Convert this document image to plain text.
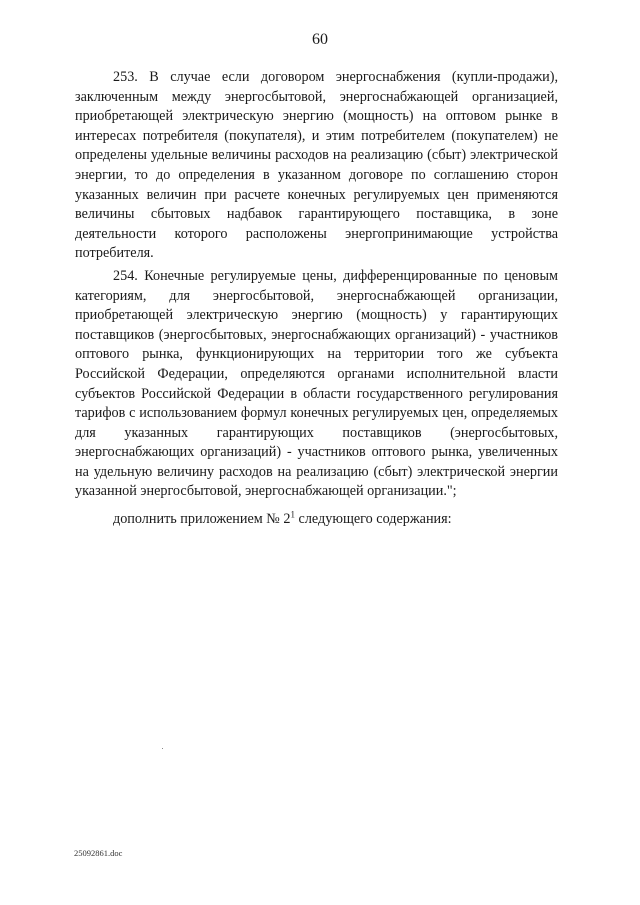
60

253. В случае если договором энергоснабжения (купли-продажи), заключенным между энергосбытовой, энергоснабжающей организацией, приобретающей электрическую энергию (мощность) на оптовом рынке в интересах потребителя (покупателя), и этим потребителем (покупателем) не определены удельные величины расходов на реализацию (сбыт) электрической энергии, то до определения в указанном договоре по соглашению сторон указанных величин при расчете конечных регулируемых цен применяются величины сбытовых надбавок гарантирующего поставщика, в зоне деятельности которого расположены энергопринимающие устройства потребителя.

254. Конечные регулируемые цены, дифференцированные по ценовым категориям, для энергосбытовой, энергоснабжающей организации, приобретающей электрическую энергию (мощность) у гарантирующих поставщиков (энергосбытовых, энергоснабжающих организаций) - участников оптового рынка, функционирующих на территории того же субъекта Российской Федерации, определяются органами исполнительной власти субъектов Российской Федерации в области государственного регулирования тарифов с использованием формул конечных регулируемых цен, определяемых для указанных гарантирующих поставщиков (энергосбытовых, энергоснабжающих организаций) - участников оптового рынка, увеличенных на удельную величину расходов на реализацию (сбыт) электрической энергии указанной энергосбытовой, энергоснабжающей организации.";

дополнить приложением № $2^1$ следующего содержания:

25092861.doc
